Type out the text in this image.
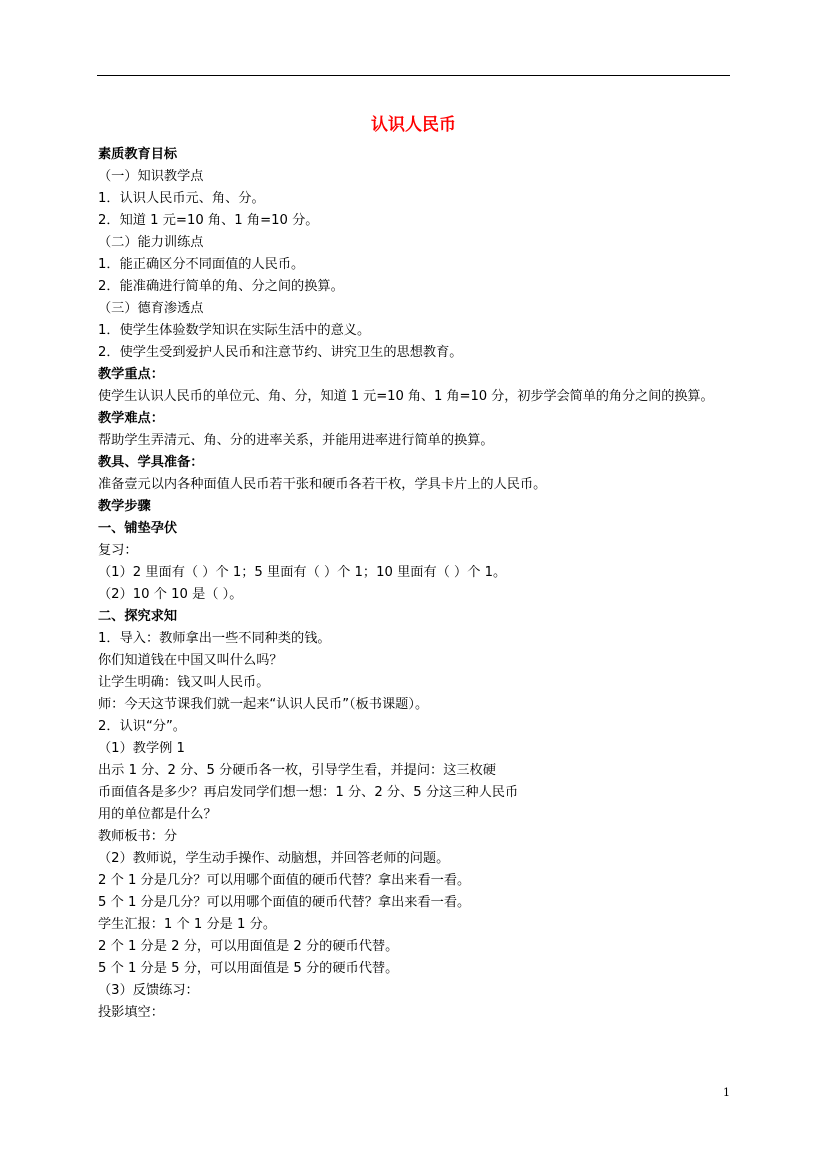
认识人民币
素质教育目标
（一）知识教学点
1．认识人民币元、角、分。
2．知道 1 元=10 角、1 角=10 分。
（二）能力训练点
1．能正确区分不同面值的人民币。
2．能准确进行简单的角、分之间的换算。
（三）德育渗透点
1．使学生体验数学知识在实际生活中的意义。
2．使学生受到爱护人民币和注意节约、讲究卫生的思想教育。
教学重点：
使学生认识人民币的单位元、角、分，知道 1 元=10 角、1 角=10 分，初步学会简单的角分之间的换算。
教学难点：
帮助学生弄清元、角、分的进率关系，并能用进率进行简单的换算。
教具、学具准备：
准备壹元以内各种面值人民币若干张和硬币各若干枚，学具卡片上的人民币。
教学步骤
一、铺垫孕伏
复习：
（1）2 里面有（ ）个 1；5 里面有（ ）个 1；10 里面有（ ）个 1。
（2）10 个 10 是（ ）。
二、探究求知
1．导入：教师拿出一些不同种类的钱。
你们知道钱在中国又叫什么吗？
让学生明确：钱又叫人民币。
师：今天这节课我们就一起来“认识人民币”（板书课题）。
2．认识“分”。
（1）教学例 1
出示 1 分、2 分、5 分硬币各一枚，引导学生看，并提问：这三枚硬
币面值各是多少？再启发同学们想一想：1 分、2 分、5 分这三种人民币
用的单位都是什么？
教师板书：分
（2）教师说，学生动手操作、动脑想，并回答老师的问题。
2 个 1 分是几分？可以用哪个面值的硬币代替？拿出来看一看。
5 个 1 分是几分？可以用哪个面值的硬币代替？拿出来看一看。
学生汇报：1 个 1 分是 1 分。
2 个 1 分是 2 分，可以用面值是 2 分的硬币代替。
5 个 1 分是 5 分，可以用面值是 5 分的硬币代替。
（3）反馈练习：
投影填空：
1
